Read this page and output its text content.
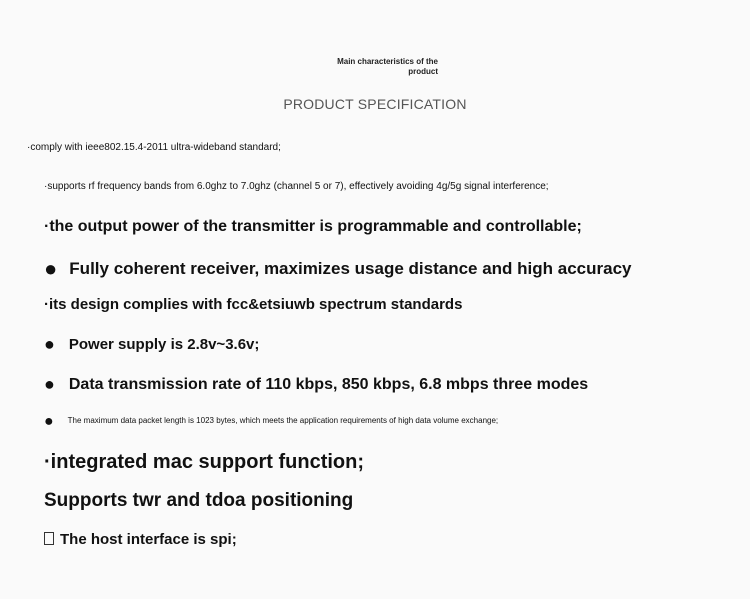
Main characteristics of the
product
PRODUCT SPECIFICATION
·comply with ieee802.15.4-2011 ultra-wideband standard;
·supports rf frequency bands from 6.0ghz to 7.0ghz (channel 5 or 7), effectively avoiding 4g/5g signal interference;
·the output power of the transmitter is programmable and controllable;
● Fully coherent receiver, maximizes usage distance and high accuracy
·its design complies with fcc&etsiuwb spectrum standards
● Power supply is 2.8v~3.6v;
● Data transmission rate of 110 kbps, 850 kbps, 6.8 mbps three modes
● The maximum data packet length is 1023 bytes, which meets the application requirements of high data volume exchange;
·integrated mac support function;
Supports twr and tdoa positioning
The host interface is spi;
